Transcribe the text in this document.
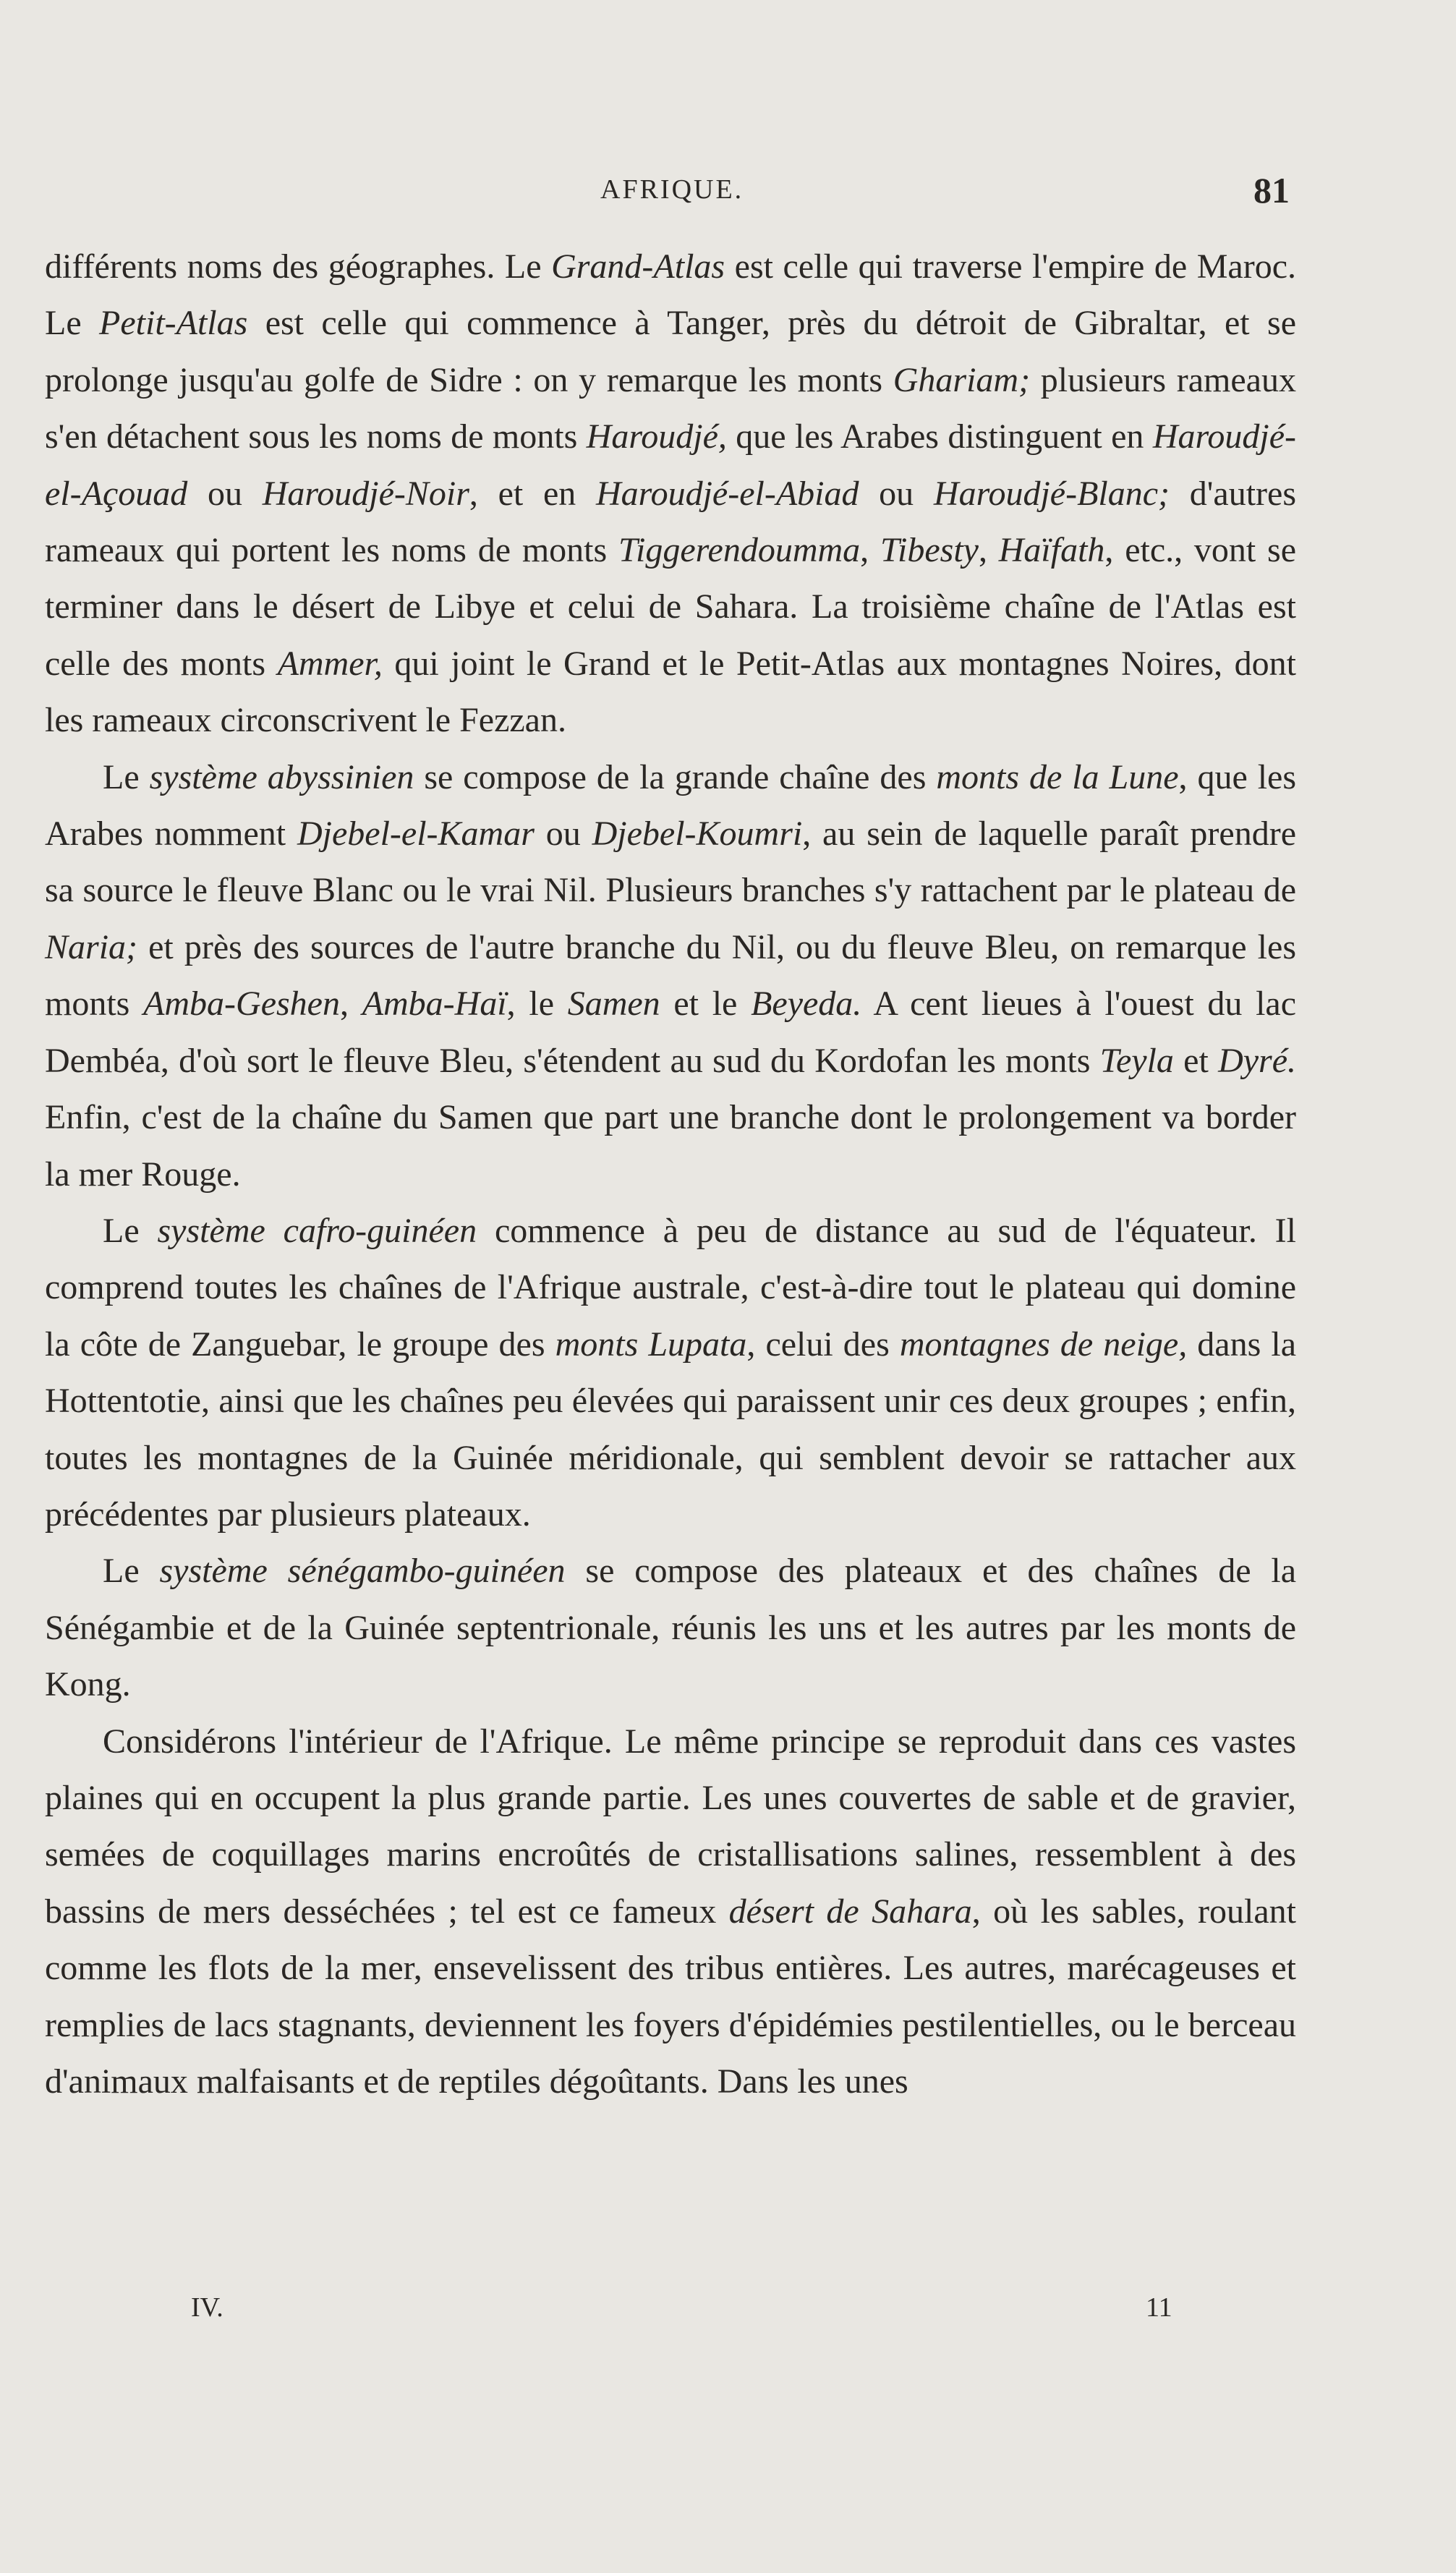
AFRIQUE.	81

différents noms des géographes. Le Grand-Atlas est celle qui traverse l'empire de Maroc. Le Petit-Atlas est celle qui commence à Tanger, près du détroit de Gibraltar, et se prolonge jusqu'au golfe de Sidre : on y remarque les monts Ghariam; plusieurs rameaux s'en détachent sous les noms de monts Haroudjé, que les Arabes distinguent en Haroudjé-el-Açouad ou Haroudjé-Noir, et en Haroudjé-el-Abiad ou Haroudjé-Blanc; d'autres rameaux qui portent les noms de monts Tiggerendoumma, Tibesty, Haïfath, etc., vont se terminer dans le désert de Libye et celui de Sahara. La troisième chaîne de l'Atlas est celle des monts Ammer, qui joint le Grand et le Petit-Atlas aux montagnes Noires, dont les rameaux circonscrivent le Fezzan.

Le système abyssinien se compose de la grande chaîne des monts de la Lune, que les Arabes nomment Djebel-el-Kamar ou Djebel-Koumri, au sein de laquelle paraît prendre sa source le fleuve Blanc ou le vrai Nil. Plusieurs branches s'y rattachent par le plateau de Naria; et près des sources de l'autre branche du Nil, ou du fleuve Bleu, on remarque les monts Amba-Geshen, Amba-Haï, le Samen et le Beyeda. A cent lieues à l'ouest du lac Dembéa, d'où sort le fleuve Bleu, s'étendent au sud du Kordofan les monts Teyla et Dyré. Enfin, c'est de la chaîne du Samen que part une branche dont le prolongement va border la mer Rouge.

Le système cafro-guinéen commence à peu de distance au sud de l'équateur. Il comprend toutes les chaînes de l'Afrique australe, c'est-à-dire tout le plateau qui domine la côte de Zanguebar, le groupe des monts Lupata, celui des montagnes de neige, dans la Hottentotie, ainsi que les chaînes peu élevées qui paraissent unir ces deux groupes ; enfin, toutes les montagnes de la Guinée méridionale, qui semblent devoir se rattacher aux précédentes par plusieurs plateaux.

Le système sénégambo-guinéen se compose des plateaux et des chaînes de la Sénégambie et de la Guinée septentrionale, réunis les uns et les autres par les monts de Kong.

Considérons l'intérieur de l'Afrique. Le même principe se reproduit dans ces vastes plaines qui en occupent la plus grande partie. Les unes couvertes de sable et de gravier, semées de coquillages marins encroûtés de cristallisations salines, ressemblent à des bassins de mers desséchées ; tel est ce fameux désert de Sahara, où les sables, roulant comme les flots de la mer, ensevelissent des tribus entières. Les autres, marécageuses et remplies de lacs stagnants, deviennent les foyers d'épidémies pestilentielles, ou le berceau d'animaux malfaisants et de reptiles dégoûtants. Dans les unes

IV.	11
